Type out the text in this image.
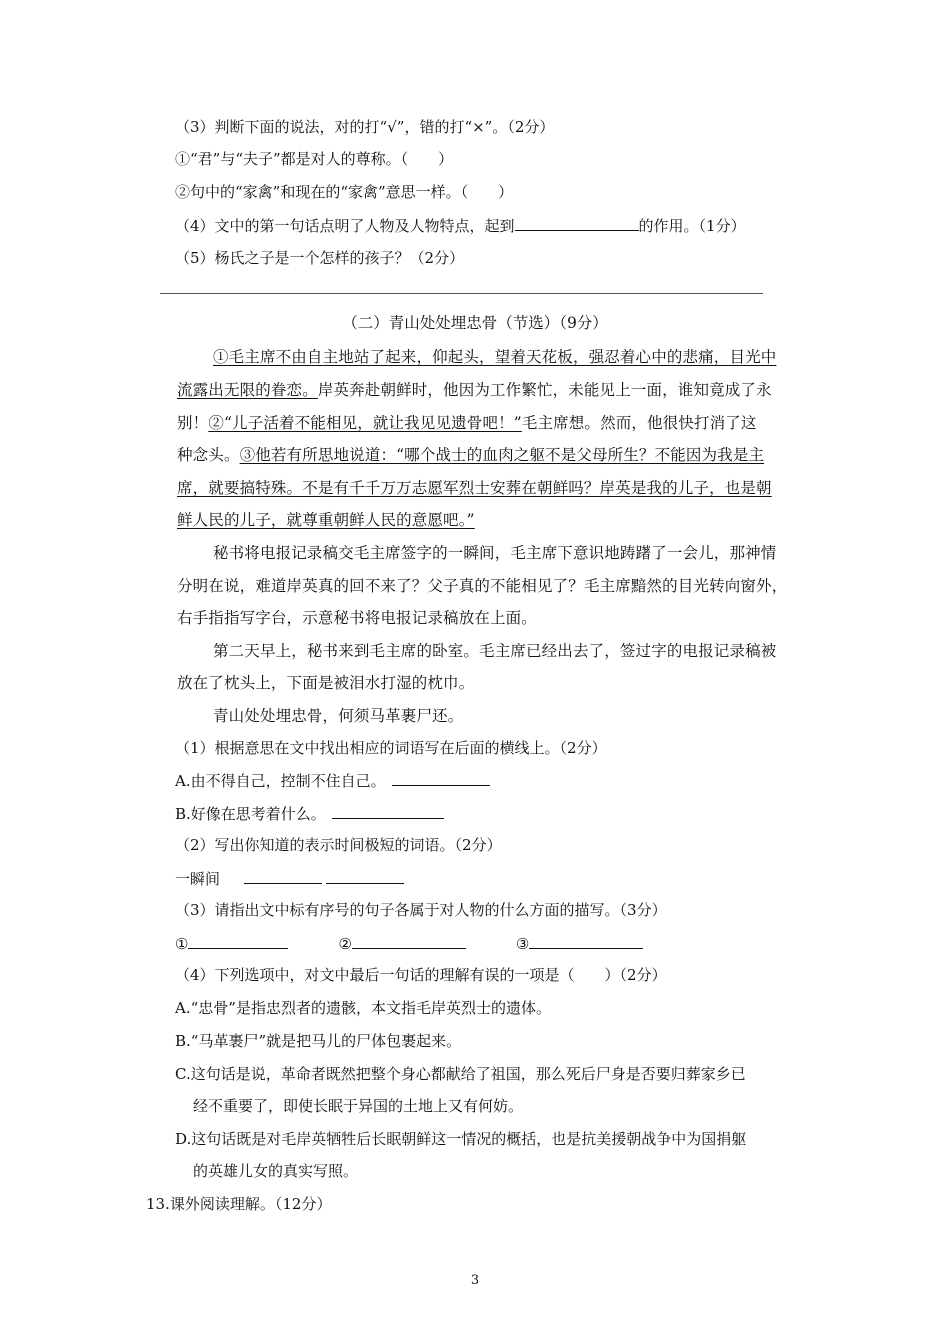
（3）判断下面的说法，对的打“√”，错的打“×”。（2分）
①“君”与“夫子”都是对人的尊称。（　　）
②句中的“家禽”和现在的“家禽”意思一样。（　　）
（4）文中的第一句话点明了人物及人物特点，起到	的作用。（1分）
（5）杨氏之子是一个怎样的孩子？（2分）
（二）青山处处埋忠骨（节选）（9分）
①毛主席不由自主地站了起来，仰起头，望着天花板，强忍着心中的悲痛，目光中
流露出无限的眷恋。岸英奔赴朝鲜时，他因为工作繁忙，未能见上一面，谁知竟成了永
别！②“儿子活着不能相见，就让我见见遗骨吧！”毛主席想。然而，他很快打消了这
种念头。③他若有所思地说道：“哪个战士的血肉之躯不是父母所生？不能因为我是主
席，就要搞特殊。不是有千千万万志愿军烈士安葬在朝鲜吗？岸英是我的儿子，也是朝
鲜人民的儿子，就尊重朝鲜人民的意愿吧。”
秘书将电报记录稿交毛主席签字的一瞬间，毛主席下意识地踌躇了一会儿，那神情
分明在说，难道岸英真的回不来了？父子真的不能相见了？毛主席黯然的目光转向窗外，
右手指指写字台，示意秘书将电报记录稿放在上面。
第二天早上，秘书来到毛主席的卧室。毛主席已经出去了，签过字的电报记录稿被
放在了枕头上，下面是被泪水打湿的枕巾。
青山处处埋忠骨，何须马革裹尸还。
（1）根据意思在文中找出相应的词语写在后面的横线上。（2分）
A.由不得自己，控制不住自己。
B.好像在思考着什么。
（2）写出你知道的表示时间极短的词语。（2分）
一瞬间
（3）请指出文中标有序号的句子各属于对人物的什么方面的描写。（3分）
①	②	③
（4）下列选项中，对文中最后一句话的理解有误的一项是（　　）（2分）
A.“忠骨”是指忠烈者的遗骸，本文指毛岸英烈士的遗体。
B.“马革裹尸”就是把马儿的尸体包裹起来。
C.这句话是说，革命者既然把整个身心都献给了祖国，那么死后尸身是否要归葬家乡已
经不重要了，即使长眠于异国的土地上又有何妨。
D.这句话既是对毛岸英牺牲后长眠朝鲜这一情况的概括，也是抗美援朝战争中为国捐躯
的英雄儿女的真实写照。
13.课外阅读理解。（12分）
3
